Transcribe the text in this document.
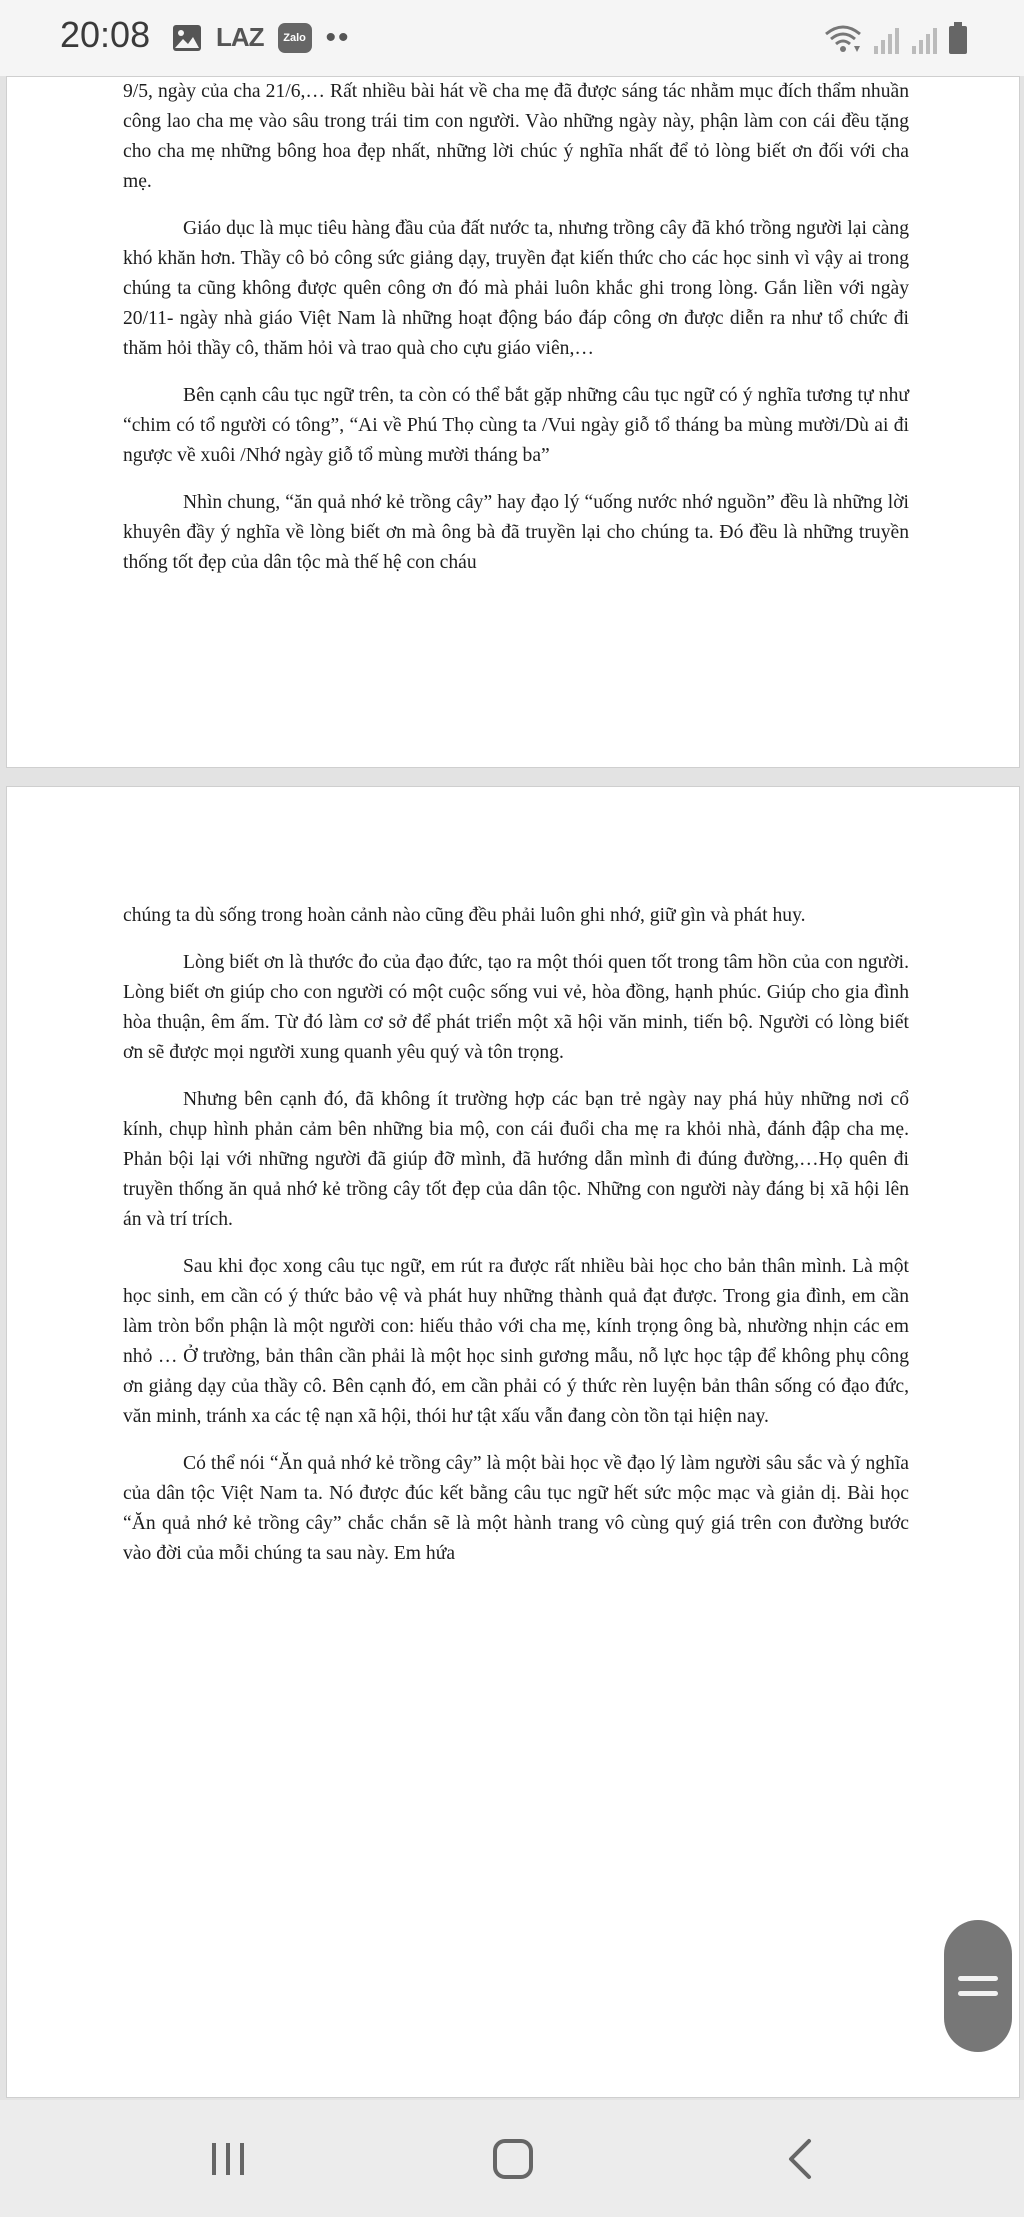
20:08	LAZ	Zalo ••

9/5, ngày của cha 21/6,… Rất nhiều bài hát về cha mẹ đã được sáng tác nhằm mục đích thẩm nhuần công lao cha mẹ vào sâu trong trái tim con người. Vào những ngày này, phận làm con cái đều tặng cho cha mẹ những bông hoa đẹp nhất, những lời chúc ý nghĩa nhất để tỏ lòng biết ơn đối với cha mẹ.

Giáo dục là mục tiêu hàng đầu của đất nước ta, nhưng trồng cây đã khó trồng người lại càng khó khăn hơn. Thầy cô bỏ công sức giảng dạy, truyền đạt kiến thức cho các học sinh vì vậy ai trong chúng ta cũng không được quên công ơn đó mà phải luôn khắc ghi trong lòng. Gắn liền với ngày 20/11- ngày nhà giáo Việt Nam là những hoạt động báo đáp công ơn được diễn ra như tổ chức đi thăm hỏi thầy cô, thăm hỏi và trao quà cho cựu giáo viên,…

Bên cạnh câu tục ngữ trên, ta còn có thể bắt gặp những câu tục ngữ có ý nghĩa tương tự như “chim có tổ người có tông”, “Ai về Phú Thọ cùng ta /Vui ngày giỗ tổ tháng ba mùng mười/Dù ai đi ngược về xuôi /Nhớ ngày giỗ tổ mùng mười tháng ba”

Nhìn chung, “ăn quả nhớ kẻ trồng cây” hay đạo lý “uống nước nhớ nguồn” đều là những lời khuyên đầy ý nghĩa về lòng biết ơn mà ông bà đã truyền lại cho chúng ta. Đó đều là những truyền thống tốt đẹp của dân tộc mà thế hệ con cháu

chúng ta dù sống trong hoàn cảnh nào cũng đều phải luôn ghi nhớ, giữ gìn và phát huy.

Lòng biết ơn là thước đo của đạo đức, tạo ra một thói quen tốt trong tâm hồn của con người. Lòng biết ơn giúp cho con người có một cuộc sống vui vẻ, hòa đồng, hạnh phúc. Giúp cho gia đình hòa thuận, êm ấm. Từ đó làm cơ sở để phát triển một xã hội văn minh, tiến bộ. Người có lòng biết ơn sẽ được mọi người xung quanh yêu quý và tôn trọng.

Nhưng bên cạnh đó, đã không ít trường hợp các bạn trẻ ngày nay phá hủy những nơi cổ kính, chụp hình phản cảm bên những bia mộ, con cái đuổi cha mẹ ra khỏi nhà, đánh đập cha mẹ. Phản bội lại với những người đã giúp đỡ mình, đã hướng dẫn mình đi đúng đường,…Họ quên đi truyền thống ăn quả nhớ kẻ trồng cây tốt đẹp của dân tộc. Những con người này đáng bị xã hội lên án và trí trích.

Sau khi đọc xong câu tục ngữ, em rút ra được rất nhiều bài học cho bản thân mình. Là một học sinh, em cần có ý thức bảo vệ và phát huy những thành quả đạt được. Trong gia đình, em cần làm tròn bổn phận là một người con: hiếu thảo với cha mẹ, kính trọng ông bà, nhường nhịn các em nhỏ … Ở trường, bản thân cần phải là một học sinh gương mẫu, nỗ lực học tập để không phụ công ơn giảng dạy của thầy cô. Bên cạnh đó, em cần phải có ý thức rèn luyện bản thân sống có đạo đức, văn minh, tránh xa các tệ nạn xã hội, thói hư tật xấu vẫn đang còn tồn tại hiện nay.

Có thể nói “Ăn quả nhớ kẻ trồng cây” là một bài học về đạo lý làm người sâu sắc và ý nghĩa của dân tộc Việt Nam ta. Nó được đúc kết bằng câu tục ngữ hết sức mộc mạc và giản dị. Bài học “Ăn quả nhớ kẻ trồng cây” chắc chắn sẽ là một hành trang vô cùng quý giá trên con đường bước vào đời của mỗi chúng ta sau này. Em hứa
